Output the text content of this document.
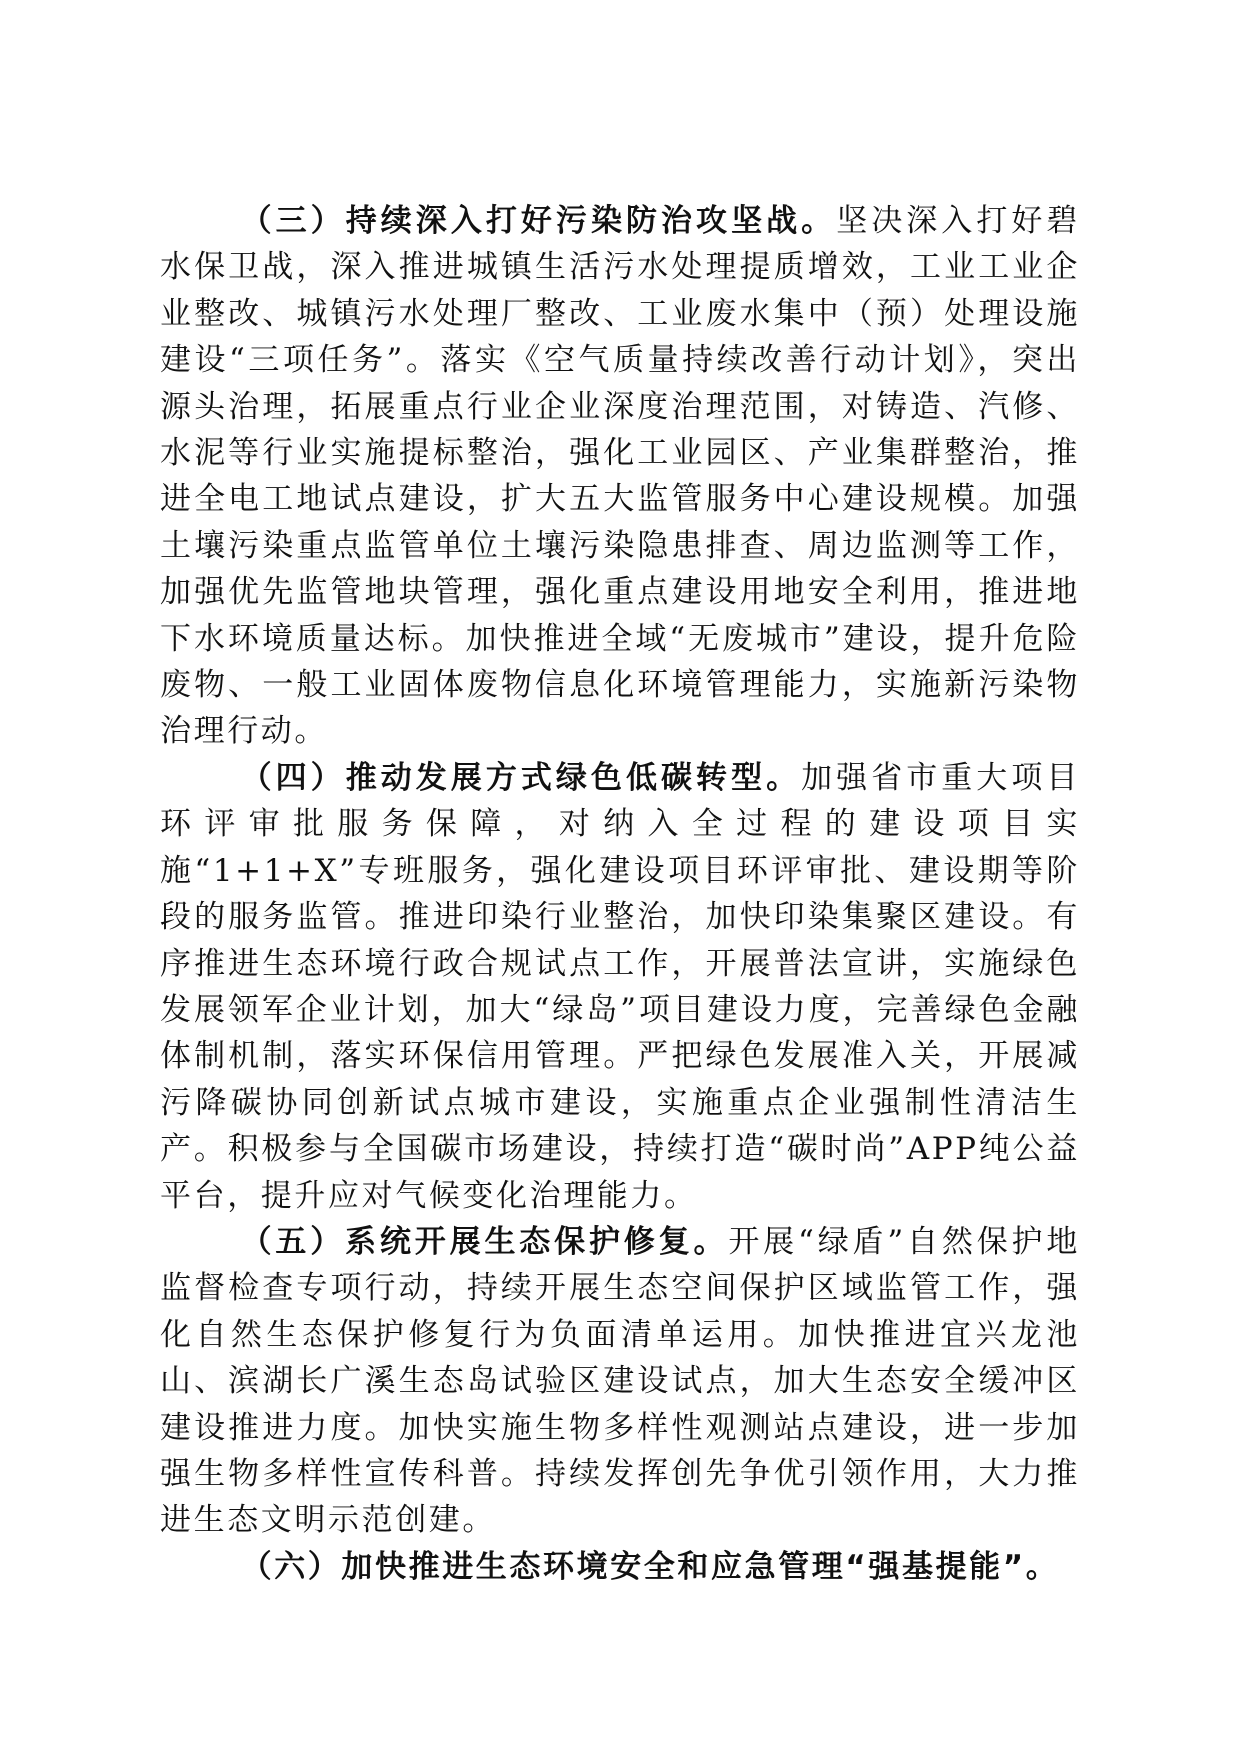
（三）持续深入打好污染防治攻坚战。坚决深入打好碧水保卫战，深入推进城镇生活污水处理提质增效，工业工业企业整改、城镇污水处理厂整改、工业废水集中（预）处理设施建设“三项任务”。落实《空气质量持续改善行动计划》，突出源头治理，拓展重点行业企业深度治理范围，对铸造、汽修、水泥等行业实施提标整治，强化工业园区、产业集群整治，推进全电工地试点建设，扩大五大监管服务中心建设规模。加强土壤污染重点监管单位土壤污染隐患排查、周边监测等工作，加强优先监管地块管理，强化重点建设用地安全利用，推进地下水环境质量达标。加快推进全域“无废城市”建设，提升危险废物、一般工业固体废物信息化环境管理能力，实施新污染物治理行动。

（四）推动发展方式绿色低碳转型。加强省市重大项目环评审批服务保障，对纳入全过程的建设项目实施“1+1+X”专班服务，强化建设项目环评审批、建设期等阶段的服务监管。推进印染行业整治，加快印染集聚区建设。有序推进生态环境行政合规试点工作，开展普法宣讲，实施绿色发展领军企业计划，加大“绿岛”项目建设力度，完善绿色金融体制机制，落实环保信用管理。严把绿色发展准入关，开展减污降碳协同创新试点城市建设，实施重点企业强制性清洁生产。积极参与全国碳市场建设，持续打造“碳时尚”APP纯公益平台，提升应对气候变化治理能力。

（五）系统开展生态保护修复。开展“绿盾”自然保护地监督检查专项行动，持续开展生态空间保护区域监管工作，强化自然生态保护修复行为负面清单运用。加快推进宜兴龙池山、滨湖长广溪生态岛试验区建设试点，加大生态安全缓冲区建设推进力度。加快实施生物多样性观测站点建设，进一步加强生物多样性宣传科普。持续发挥创先争优引领作用，大力推进生态文明示范创建。

（六）加快推进生态环境安全和应急管理“强基提能”。
